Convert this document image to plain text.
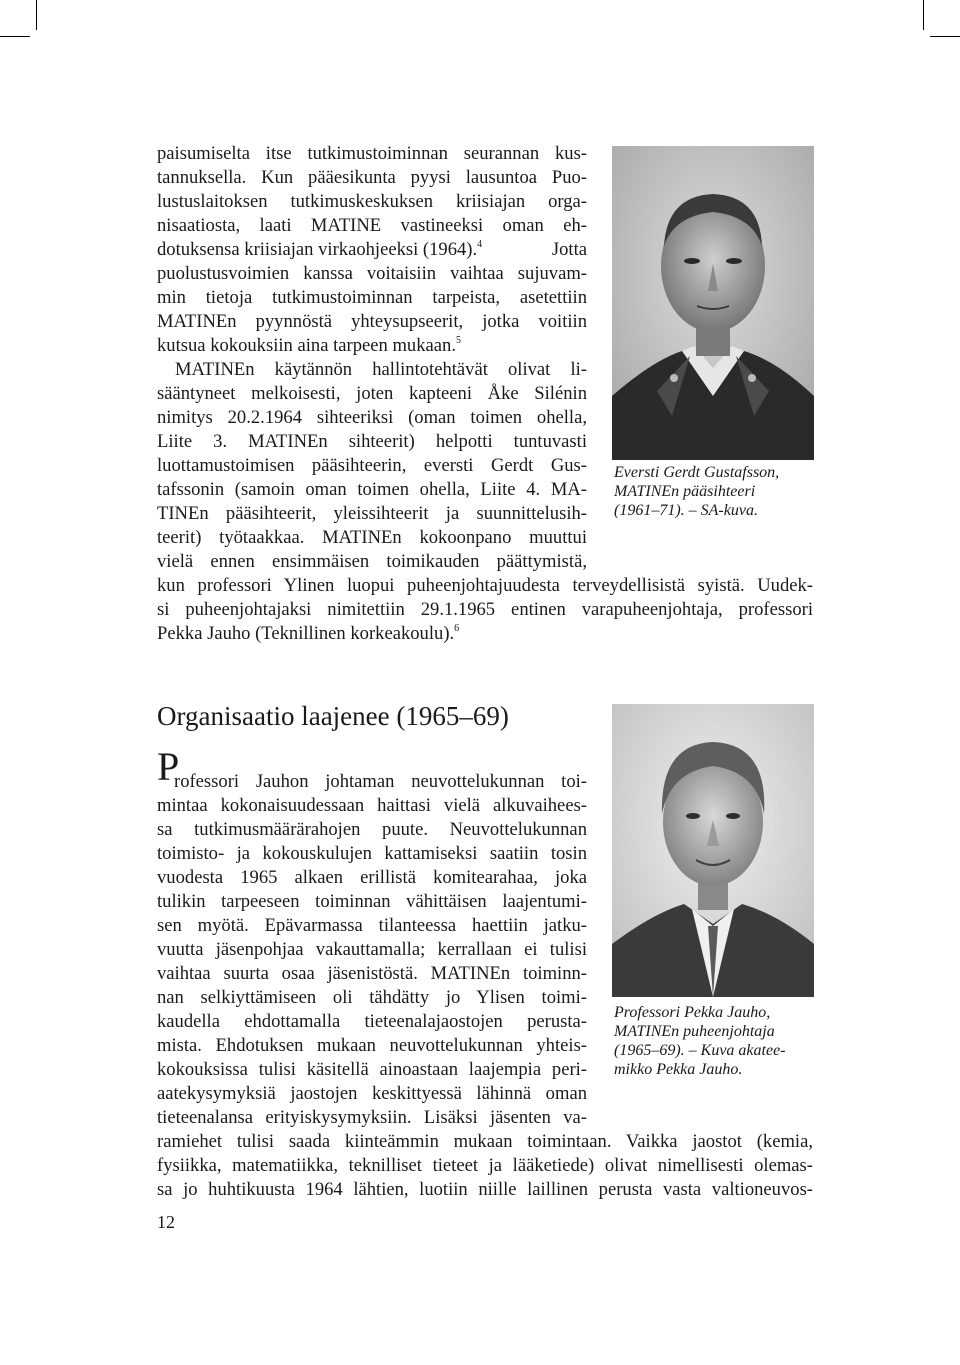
Eversti Gerdt Gustafsson,
MATINEn pääsihteeri
(1961–71). – SA-kuva.
paisumiselta itse tutkimustoiminnan seurannan kus-
tannuksella. Kun pääesikunta pyysi lausuntoa Puo-
lustuslaitoksen tutkimuskeskuksen kriisiajan orga-
nisaatiosta, laati MATINE vastineeksi oman eh-
dotuksensa kriisiajan virkaohjeeksi (1964).$^4$	Jotta
puolustusvoimien kanssa voitaisiin vaihtaa sujuvam-
min tietoja tutkimustoiminnan tarpeista, asetettiin
MATINEn pyynnöstä yhteysupseerit, jotka voitiin
kutsua kokouksiin aina tarpeen mukaan.$^5$
MATINEn käytännön hallintotehtävät olivat li-
sääntyneet melkoisesti, joten kapteeni Åke Silénin
nimitys 20.2.1964 sihteeriksi (oman toimen ohella,
Liite 3. MATINEn sihteerit) helpotti tuntuvasti
luottamustoimisen pääsihteerin, eversti Gerdt Gus-
tafssonin (samoin oman toimen ohella, Liite 4. MA-
TINEn pääsihteerit, yleissihteerit ja suunnittelusih-
teerit) työtaakkaa. MATINEn kokoonpano muuttui
vielä ennen ensimmäisen toimikauden päättymistä,
kun professori Ylinen luopui puheenjohtajuudesta terveydellisistä syistä. Uudek-
si puheenjohtajaksi nimitettiin 29.1.1965 entinen varapuheenjohtaja, professori
Pekka Jauho (Teknillinen korkeakoulu).$^6$
Organisaatio laajenee (1965–69)
Professori Pekka Jauho,
MATINEn puheenjohtaja
(1965–69). – Kuva akatee-
mikko Pekka Jauho.
P
rofessori Jauhon johtaman neuvottelukunnan toi-
mintaa kokonaisuudessaan haittasi vielä alkuvaihees-
sa tutkimusmäärärahojen puute. Neuvottelukunnan
toimisto- ja kokouskulujen kattamiseksi saatiin tosin
vuodesta 1965 alkaen erillistä komitearahaa, joka
tulikin tarpeeseen toiminnan vähittäisen laajentumi-
sen myötä. Epävarmassa tilanteessa haettiin jatku-
vuutta jäsenpohjaa vakauttamalla; kerrallaan ei tulisi
vaihtaa suurta osaa jäsenistöstä. MATINEn toiminn-
nan selkiyttämiseen oli tähdätty jo Ylisen toimi-
kaudella ehdottamalla tieteenalajaostojen perusta-
mista. Ehdotuksen mukaan neuvottelukunnan yhteis-
kokouksissa tulisi käsitellä ainoastaan laajempia peri-
aatekysymyksiä jaostojen keskittyessä lähinnä oman
tieteenalansa erityiskysymyksiin. Lisäksi jäsenten va-
ramiehet tulisi saada kiinteämmin mukaan toimintaan. Vaikka jaostot (kemia,
fysiikka, matematiikka, teknilliset tieteet ja lääketiede) olivat nimellisesti olemas-
sa jo huhtikuusta 1964 lähtien, luotiin niille laillinen perusta vasta valtioneuvos-
12
